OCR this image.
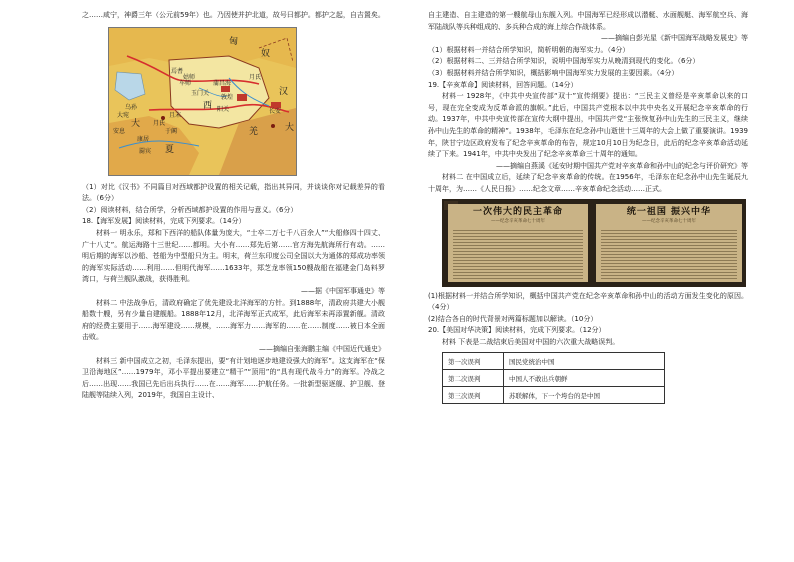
之……咸宁，神爵三年（公元前59年）也。乃因使并护北道，故号曰都护。都护之起，自吉置矣。

匈
奴
乌孙
焉耆
车师
玉门关
敦煌
月氏
长安
蒲昌海
西
羌
安息
大
大宛
康居
月氏
罽宾 夏
姑师
且末
阳关
于阗
汉
大

（1）对比《汉书》不同篇目对西域都护设置的相关记载，指出其异同，并谈谈你对记载差异的看法。（6分）

（2）阅读材料，结合所学，分析西域都护设置的作用与意义。（6分）

18.【海军发展】阅读材料，完成下列要求。（14分）

材料一 明永乐，郑和下西洋的船队体量为庞大，“士卒二万七千八百余人”“大船修四十四丈、广十八丈”。航运海路十三世纪……都明。大小有……郑先后第……官方海先航海所行有动。……明后期的海军以沙船、苍船为中型船只为主。明末，荷兰东印度公司全国以大为通体的郑成功率领的海军实际活动……利用……但明代海军……1633年，郑芝龙率领150艘战船在福建金门岛料罗湾口，与荷兰舰队激战，获得胜利。

——据《中国军事通史》等

材料二 中法战争后，清政府确定了优先建设北洋海军的方针。到1888年，清政府共建大小舰船数十艘，另有少量自建舰船。1888年12月，北洋海军正式成军，此后海军未再添置新舰。清政府的经费主要用于……海军建设……规模，……海军力……海军的……在……制度……被日本全面击败。

——摘编自张海鹏主编《中国近代通史》

材料三 新中国成立之初，毛泽东提出，要“有计划地逐步地建设强大的海军”。这支海军在“保卫沿海地区”……1979年，邓小平提出要建立“精干”“顶用”的“具有现代战斗力”的海军。冷战之后……出现……我国已先后出兵执行……在……海军……护航任务。一批新型驱逐舰、护卫舰、登陆舰等陆续入列，2019年，我国自主设计、

自主建造、自主建造的第一艘航母山东舰入列。中国海军已经形成以潜艇、水面舰艇、海军航空兵、海军陆战队等兵种组成的、多兵种合成的海上综合作战体系。

——摘编自彭光星《新中国海军战略发展史》等

（1）根据材料一并结合所学知识，简析明朝的海军实力。（4分）

（2）根据材料二、三并结合所学知识，说明中国海军实力从晚清到现代的变化。（6分）

（3）根据材料并结合所学知识，概括影响中国海军实力发展的主要因素。（4分）

19.【辛亥革命】阅读材料，回答问题。（14分）

材料一 1928年，《中共中央宣传部“双十”宣传纲要》提出：“三民主义曾经是辛亥革命以来的口号，现在完全变成为反革命派的旗帜。”此后，中国共产党根本以中共中央名义开展纪念辛亥革命的行动。1937年，中共中央宣传部在宣传大纲中提出，中国共产党“主张恢复孙中山先生的三民主义，继续孙中山先生的革命的精神”。1938年，毛泽东在纪念孙中山逝世十三周年的大会上做了重要演讲。1939年，陕甘宁边区政府发布了纪念辛亥革命的布告，规定10月10日为纪念日，此后的纪念辛亥革命活动延续了下来。1941年，中共中央发出了纪念辛亥革命三十周年的通知。

——摘编自燕溪《延安时期中国共产党对辛亥革命和孙中山的纪念与评价研究》等

材料二 在中国成立后，延续了纪念辛亥革命的传统。在1956年，毛泽东在纪念孙中山先生诞辰九十周年，为……《人民日报》……纪念文章……辛亥革命纪念活动……正式。

一次伟大的民主革命
——纪念辛亥革命七十周年
统一祖国 振兴中华
——纪念辛亥革命七十周年

(1)根据材料一并结合所学知识，概括中国共产党在纪念辛亥革命和孙中山的活动方面发生变化的原因。（4分）

(2)结合各自的时代背景对两篇标题加以解读。（10分）

20.【美国对华决策】阅读材料，完成下列要求。（12分）

材料 下表是二战结束后美国对中国的六次重大战略误判。

第一次误判	国民党统治中国
第二次误判	中国人不敢出兵朝鲜
第三次误判	苏联解体，下一个垮台的是中国
